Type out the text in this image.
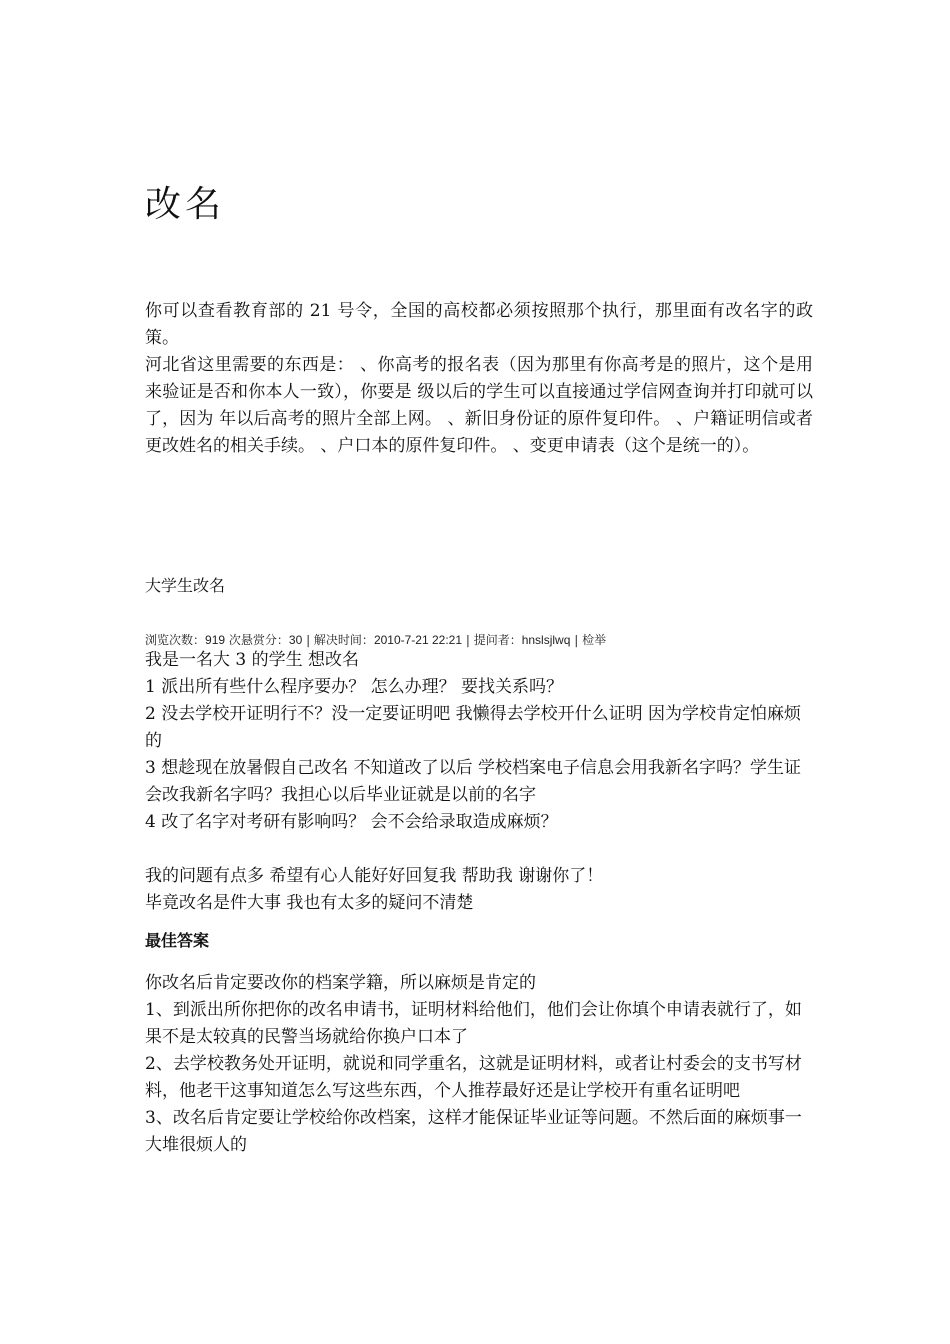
改名

你可以查看教育部的 21 号令，全国的高校都必须按照那个执行，那里面有改名字的政策。

河北省这里需要的东西是： 、你高考的报名表（因为那里有你高考是的照片，这个是用来验证是否和你本人一致），你要是 级以后的学生可以直接通过学信网查询并打印就可以了，因为 年以后高考的照片全部上网。 、新旧身份证的原件复印件。 、户籍证明信或者更改姓名的相关手续。 、户口本的原件复印件。 、变更申请表（这个是统一的）。

大学生改名
浏览次数：919 次悬赏分：30 | 解决时间：2010-7-21 22:21 | 提问者：hnslsjlwq | 检举

我是一名大 3 的学生 想改名

1 派出所有些什么程序要办？ 怎么办理？ 要找关系吗？

2 没去学校开证明行不？没一定要证明吧 我懒得去学校开什么证明 因为学校肯定怕麻烦的

3 想趁现在放暑假自己改名 不知道改了以后 学校档案电子信息会用我新名字吗？学生证会改我新名字吗？我担心以后毕业证就是以前的名字

4 改了名字对考研有影响吗？ 会不会给录取造成麻烦？

我的问题有点多 希望有心人能好好回复我 帮助我 谢谢你了！

毕竟改名是件大事 我也有太多的疑问不清楚

最佳答案

你改名后肯定要改你的档案学籍，所以麻烦是肯定的

1、到派出所你把你的改名申请书，证明材料给他们，他们会让你填个申请表就行了，如果不是太较真的民警当场就给你换户口本了

2、去学校教务处开证明，就说和同学重名，这就是证明材料，或者让村委会的支书写材料，他老干这事知道怎么写这些东西，个人推荐最好还是让学校开有重名证明吧

3、改名后肯定要让学校给你改档案，这样才能保证毕业证等问题。不然后面的麻烦事一大堆很烦人的
